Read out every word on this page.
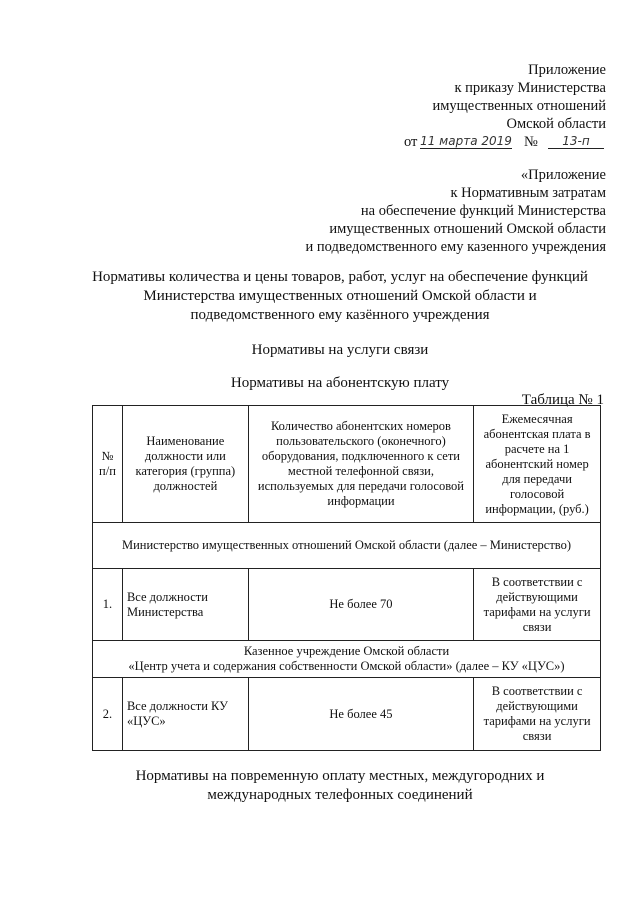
Приложение
к приказу Министерства
имущественных отношений
Омской области
от 11 марта 2019 №	13-п
«Приложение
к Нормативным затратам
на обеспечение функций Министерства
имущественных отношений Омской области
и подведомственного ему казенного учреждения
Нормативы количества и цены товаров, работ, услуг на обеспечение функций
Министерства имущественных отношений Омской области и
подведомственного ему казённого учреждения
Нормативы на услуги связи
Нормативы на абонентскую плату
Таблица № 1
№ п/п	Наименование должности или категория (группа) должностей	Количество абонентских номеров пользовательского (оконечного) оборудования, подключенного к сети местной телефонной связи, используемых для передачи голосовой информации	Ежемесячная абонентская плата в расчете на 1 абонентский номер для передачи голосовой информации, (руб.)
Министерство имущественных отношений Омской области (далее – Министерство)			
1.	Все должности Министерства	Не более 70	В соответствии с действующими тарифами на услуги связи

Казенное учреждение Омской области
«Центр учета и содержания собственности Омской области» (далее – КУ «ЦУС»)			

2.	Все должности КУ «ЦУС»	Не более 45	В соответствии с действующими тарифами на услуги связи
Нормативы на повременную оплату местных, междугородних и
международных телефонных соединений
